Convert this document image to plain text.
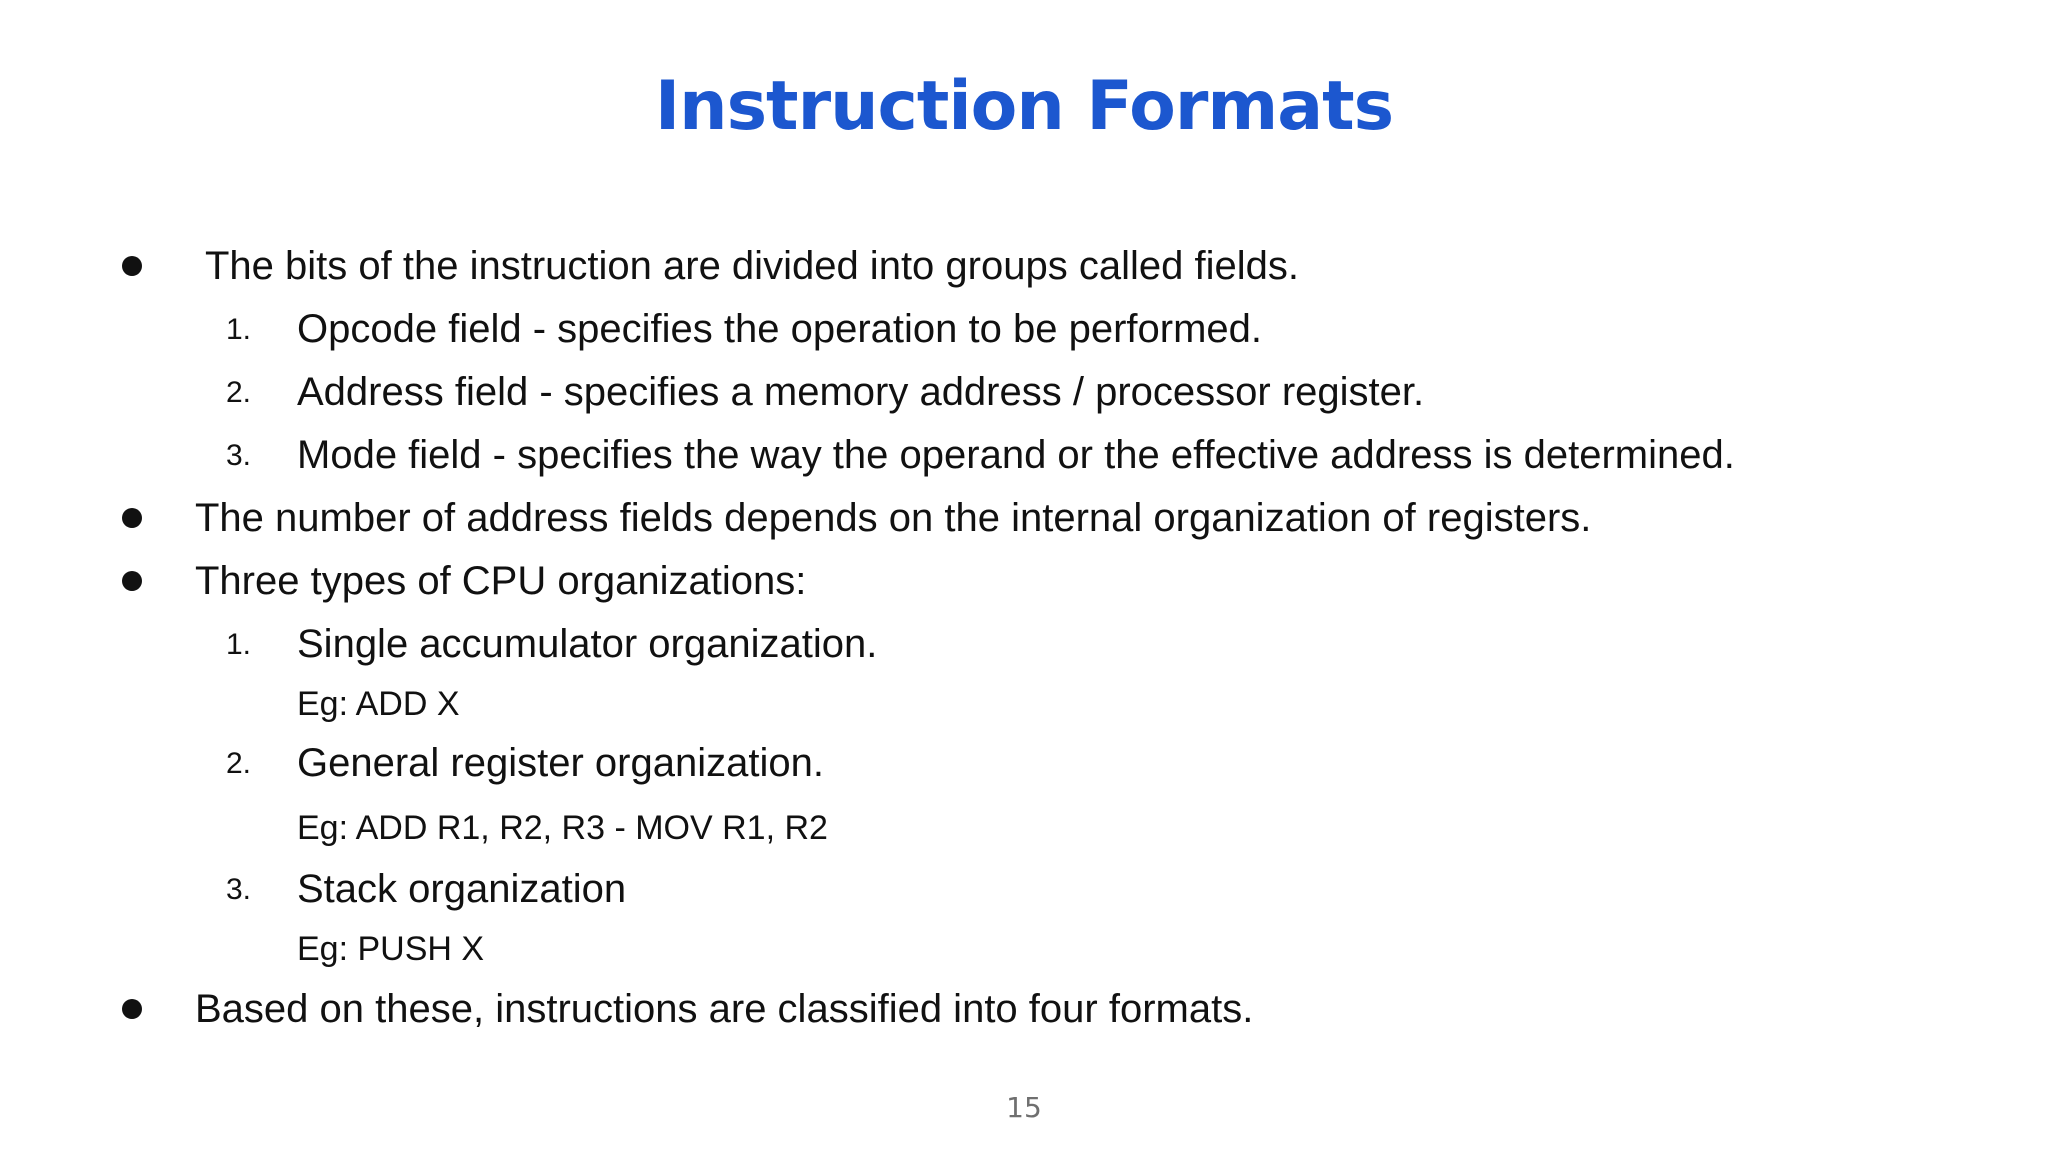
Instruction Formats
The bits of the instruction are divided into groups called fields.
1. Opcode field - specifies the operation to be performed.
2. Address field - specifies a memory address / processor register.
3. Mode field - specifies the way the operand or the effective address is determined.
The number of address fields depends on the internal organization of registers.
Three types of CPU organizations:
1. Single accumulator organization.
Eg: ADD X
2. General register organization.
Eg: ADD R1, R2, R3 - MOV R1, R2
3. Stack organization
Eg: PUSH X
Based on these, instructions are classified into four formats.
15
